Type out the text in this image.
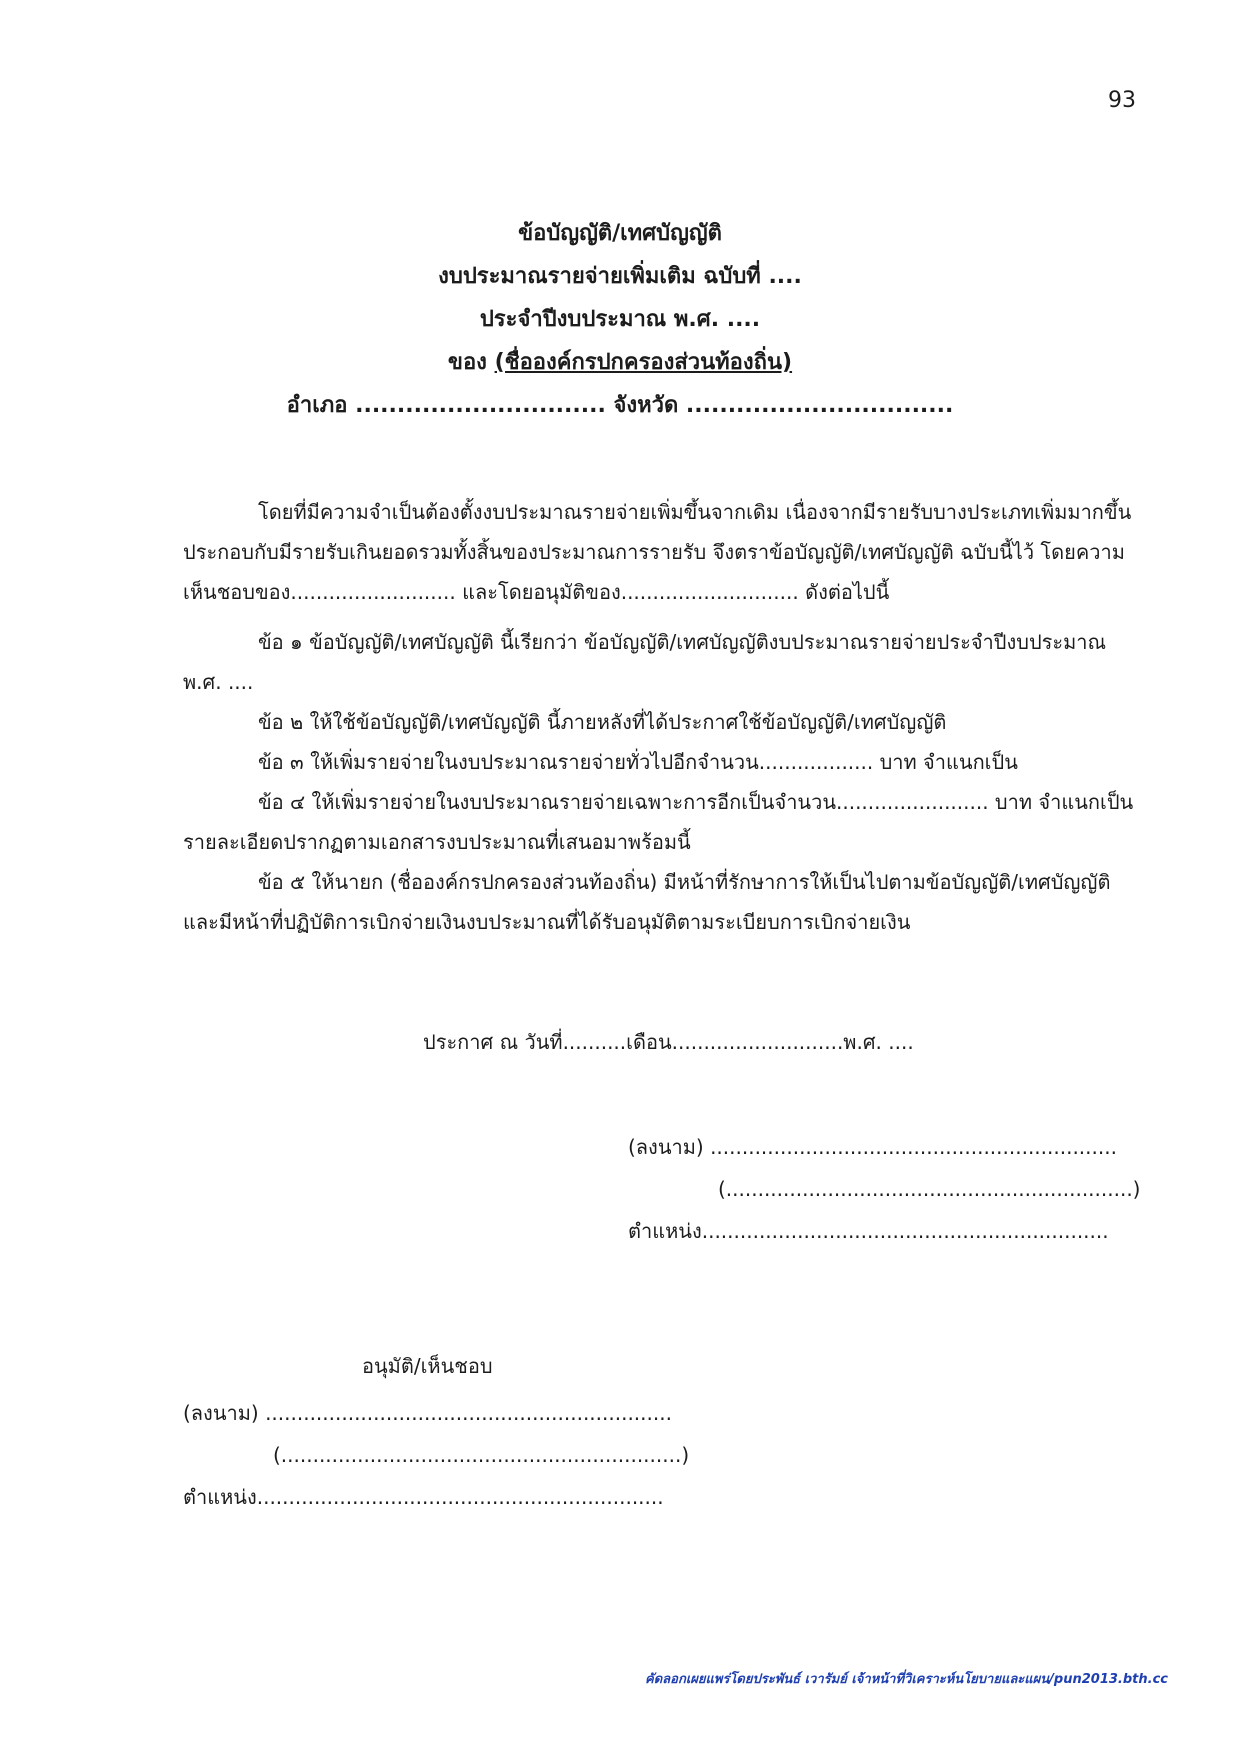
93
ข้อบัญญัติ/เทศบัญญัติ
งบประมาณรายจ่ายเพิ่มเติม ฉบับที่ ....
ประจำปีงบประมาณ พ.ศ. ....
ของ (ชื่อองค์กรปกครองส่วนท้องถิ่น)
อำเภอ .............................. จังหวัด ................................
โดยที่มีความจำเป็นต้องตั้งงบประมาณรายจ่ายเพิ่มขึ้นจากเดิม เนื่องจากมีรายรับบางประเภทเพิ่มมากขึ้น
ประกอบกับมีรายรับเกินยอดรวมทั้งสิ้นของประมาณการรายรับ จึงตราข้อบัญญัติ/เทศบัญญัติ ฉบับนี้ไว้ โดยความ
เห็นชอบของ.......................... และโดยอนุมัติของ............................ ดังต่อไปนี้
ข้อ ๑ ข้อบัญญัติ/เทศบัญญัติ นี้เรียกว่า ข้อบัญญัติ/เทศบัญญัติงบประมาณรายจ่ายประจำปีงบประมาณ
พ.ศ. ....
ข้อ ๒ ให้ใช้ข้อบัญญัติ/เทศบัญญัติ นี้ภายหลังที่ได้ประกาศใช้ข้อบัญญัติ/เทศบัญญัติ
ข้อ ๓ ให้เพิ่มรายจ่ายในงบประมาณรายจ่ายทั่วไปอีกจำนวน.................. บาท จำแนกเป็น
ข้อ ๔ ให้เพิ่มรายจ่ายในงบประมาณรายจ่ายเฉพาะการอีกเป็นจำนวน........................ บาท จำแนกเป็น
รายละเอียดปรากฏตามเอกสารงบประมาณที่เสนอมาพร้อมนี้
ข้อ ๕ ให้นายก (ชื่อองค์กรปกครองส่วนท้องถิ่น) มีหน้าที่รักษาการให้เป็นไปตามข้อบัญญัติ/เทศบัญญัติ
และมีหน้าที่ปฏิบัติการเบิกจ่ายเงินงบประมาณที่ได้รับอนุมัติตามระเบียบการเบิกจ่ายเงิน
ประกาศ ณ วันที่..........เดือน...........................พ.ศ. ....
(ลงนาม) ................................................................
(................................................................)
ตำแหน่ง................................................................
อนุมัติ/เห็นชอบ
(ลงนาม) ................................................................
(...............................................................)
ตำแหน่ง................................................................
คัดลอกเผยแพร่โดยประพันธ์ เวารัมย์ เจ้าหน้าที่วิเคราะห์นโยบายและแผน/pun2013.bth.cc
